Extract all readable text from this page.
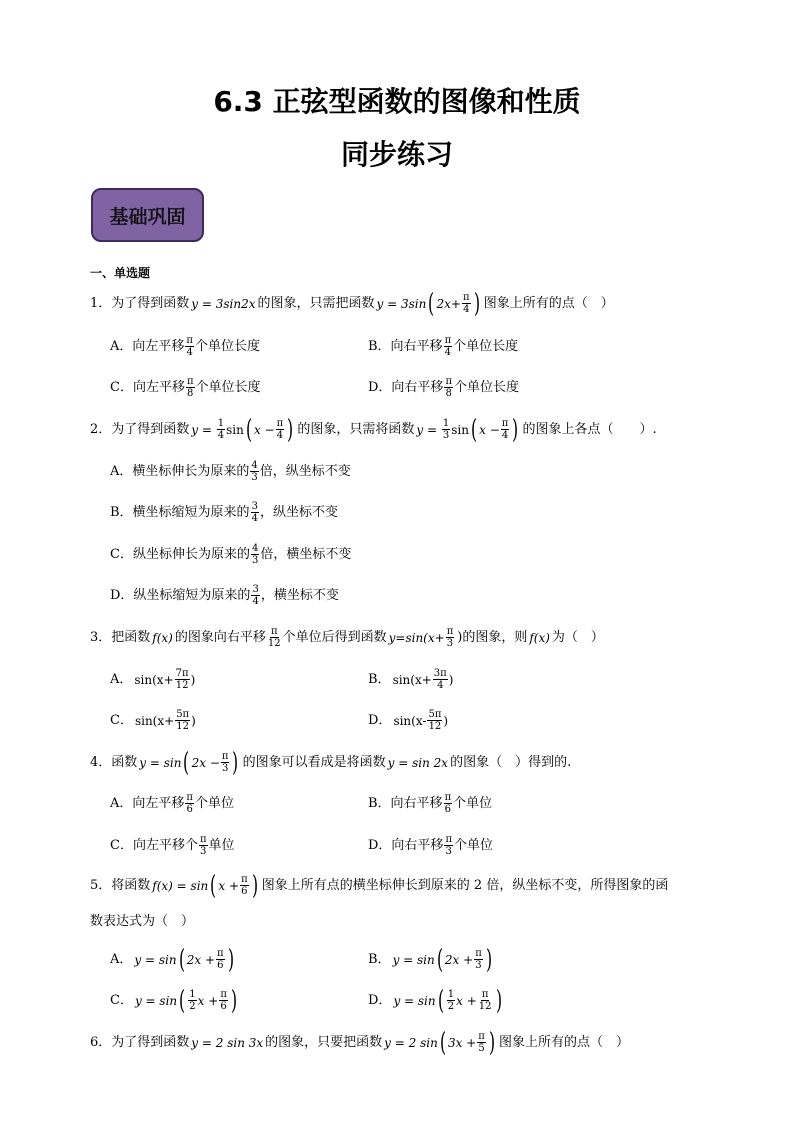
6.3 正弦型函数的图像和性质
同步练习
基础巩固
一、单选题
1．为了得到函数 y = 3sin2x 的图象，只需把函数 y = 3sin ( $2x+ \frac{\pi}{4}$ ) 图象上所有的点（　）
A．向左平移 $\frac{\pi}{4}$ 个单位长度	B．向右平移 $\frac{\pi}{4}$ 个单位长度
C．向左平移 $\frac{\pi}{8}$ 个单位长度	D．向右平移 $\frac{\pi}{8}$ 个单位长度
2．为了得到函数 $y = \frac{1}{4}$ sin ( $x - \frac{\pi}{4}$ ) 的图象，只需将函数 $y = \frac{1}{3}$ sin ( $x - \frac{\pi}{4}$ ) 的图象上各点（　　）.
A．横坐标伸长为原来的 $\frac{4}{3}$ 倍，纵坐标不变
B．横坐标缩短为原来的 $\frac{3}{4}$ ，纵坐标不变
C．纵坐标伸长为原来的 $\frac{4}{3}$ 倍，横坐标不变
D．纵坐标缩短为原来的 $\frac{3}{4}$ ，横坐标不变
3．把函数 f(x) 的图象向右平移 $\frac{\pi}{12}$ 个单位后得到函数 $y=\sin(x+ \frac{\pi}{3}$ )的图象，则 f(x) 为（　）
A． $\sin(x+ \frac{7\pi}{12}$ )	B． $\sin(x+ \frac{3\pi}{4}$ )
C． $\sin(x+ \frac{5\pi}{12}$ )	D． $\sin(x- \frac{5\pi}{12}$ )
4．函数 y = sin ( $2x - \frac{\pi}{3}$ ) 的图象可以看成是将函数 y = sin 2x 的图象（　）得到的.
A．向左平移 $\frac{\pi}{6}$ 个单位	B．向右平移 $\frac{\pi}{6}$ 个单位
C．向左平移个 $\frac{\pi}{3}$ 单位	D．向右平移 $\frac{\pi}{3}$ 个单位
5．将函数 f(x) = sin ( $x + \frac{\pi}{6}$ ) 图象上所有点的横坐标伸长到原来的 2 倍，纵坐标不变，所得图象的函
数表达式为（　）
A． y = sin ( $2x + \frac{\pi}{6}$ )	B． y = sin ( $2x + \frac{\pi}{3}$ )
C． y = sin ( $\frac{1}{2}$ $x + \frac{\pi}{6}$ )	D． y = sin ( $\frac{1}{2}$ $x + \frac{\pi}{12}$ )
6．为了得到函数 y = 2 sin 3x 的图象，只要把函数 y = 2 sin ( $3x + \frac{\pi}{5}$ ) 图象上所有的点（　）
